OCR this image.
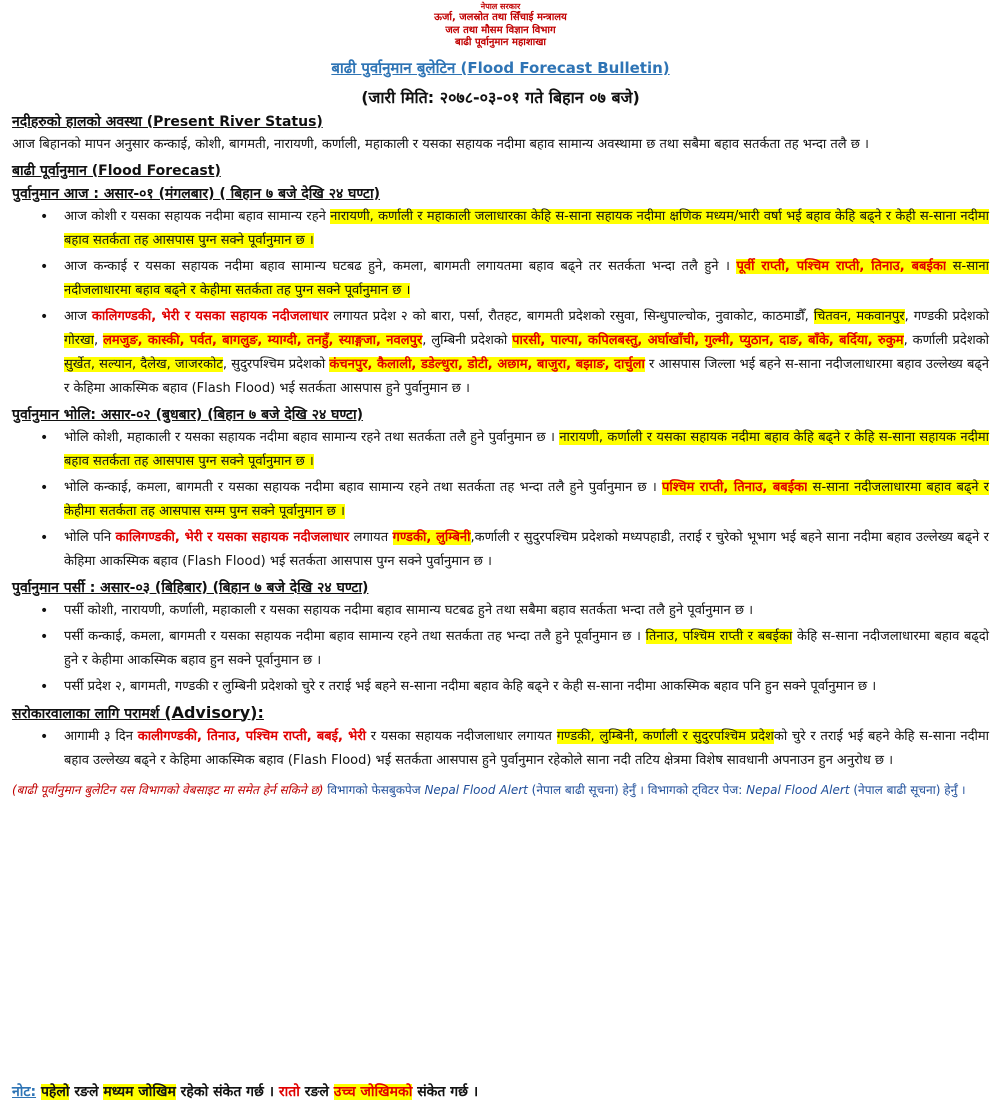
नेपाल सरकार
ऊर्जा, जलस्रोत तथा सिँचाई मन्त्रालय
जल तथा मौसम विज्ञान विभाग
बाढी पूर्वानुमान महाशाखा
बाढी पुर्वानुमान बुलेटिन (Flood Forecast Bulletin)
(जारी मिति: २०७८-०३-०१ गते बिहान ०७ बजे)
नदीहरुको हालको अवस्था (Present River Status)

आज बिहानको मापन अनुसार कन्काई, कोशी, बागमती, नारायणी, कर्णाली, महाकाली र यसका सहायक नदीमा बहाव सामान्य अवस्थामा छ तथा सबैमा बहाव सतर्कता तह भन्दा तलै छ ।

बाढी पूर्वानुमान (Flood Forecast)
पुर्वानुमान आज : असार-०१ (मंगलबार) ( बिहान ७ बजे देखि २४ घण्टा)
• आज कोशी र यसका सहायक नदीमा बहाव सामान्य रहने नारायणी, कर्णाली र महाकाली जलाधारका केहि स-साना सहायक नदीमा क्षणिक मध्यम/भारी वर्षा भई बहाव केहि बढ्ने र केही स-साना नदीमा बहाव सतर्कता तह आसपास पुग्न सक्ने पूर्वानुमान छ ।
• आज कन्काई र यसका सहायक नदीमा बहाव सामान्य घटबढ हुने, कमला, बागमती लगायतमा बहाव बढ्ने तर सतर्कता भन्दा तलै हुने । पूर्वी राप्ती, पश्चिम राप्ती, तिनाउ, बबईका स-साना नदीजलाधारमा बहाव बढ्ने र केहीमा सतर्कता तह पुग्न सक्ने पूर्वानुमान छ ।
• आज कालिगण्डकी, भेरी र यसका सहायक नदीजलाधार लगायत प्रदेश २ को बारा, पर्सा, रौतहट, बागमती प्रदेशको रसुवा, सिन्धुपाल्चोक, नुवाकोट, काठमाडौँ, चितवन, मकवानपुर, गण्डकी प्रदेशको गोरखा, लमजुङ, कास्की, पर्वत, बागलुङ, म्याग्दी, तनहुँ, स्याङ्गजा, नवलपुर, लुम्बिनी प्रदेशको पारसी, पाल्पा, कपिलबस्तु, अर्घाखाँची, गुल्मी, प्युठान, दाङ, बाँके, बर्दिया, रुकुम, कर्णाली प्रदेशको सुर्खेत, सल्यान, दैलेख, जाजरकोट, सुदुरपश्चिम प्रदेशको कंचनपुर, कैलाली, डडेल्धुरा, डोटी, अछाम, बाजुरा, बझाङ, दार्चुला र आसपास जिल्ला भई बहने स-साना नदीजलाधारमा बहाव उल्लेख्य बढ्ने र केहिमा आकस्मिक बहाव (Flash Flood) भई सतर्कता आसपास हुने पुर्वानुमान छ ।
पुर्वानुमान भोलि: असार-०२ (बुधबार) (बिहान ७ बजे देखि २४ घण्टा)
• भोलि कोशी, महाकाली र यसका सहायक नदीमा बहाव सामान्य रहने तथा सतर्कता तलै हुने पुर्वानुमान छ । नारायणी, कर्णाली र यसका सहायक नदीमा बहाव केहि बढ्ने र केहि स-साना सहायक नदीमा बहाव सतर्कता तह आसपास पुग्न सक्ने पूर्वानुमान छ ।
• भोलि कन्काई, कमला, बागमती र यसका सहायक नदीमा बहाव सामान्य रहने तथा सतर्कता तह भन्दा तलै हुने पुर्वानुमान छ । पश्चिम राप्ती, तिनाउ, बबईका स-साना नदीजलाधारमा बहाव बढ्ने र केहीमा सतर्कता तह आसपास सम्म पुग्न सक्ने पूर्वानुमान छ ।
• भोलि पनि कालिगण्डकी, भेरी र यसका सहायक नदीजलाधार लगायत गण्डकी, लुम्बिनी,कर्णाली र सुदुरपश्चिम प्रदेशको मध्यपहाडी, तराई र चुरेको भूभाग भई बहने साना नदीमा बहाव उल्लेख्य बढ्ने र केहिमा आकस्मिक बहाव (Flash Flood) भई सतर्कता आसपास पुग्न सक्ने पुर्वानुमान छ ।
पुर्वानुमान पर्सी : असार-०३ (बिहिबार) (बिहान ७ बजे देखि २४ घण्टा)
• पर्सी कोशी, नारायणी, कर्णाली, महाकाली र यसका सहायक नदीमा बहाव सामान्य घटबढ हुने तथा सबैमा बहाव सतर्कता भन्दा तलै हुने पूर्वानुमान छ ।
• पर्सी कन्काई, कमला, बागमती र यसका सहायक नदीमा बहाव सामान्य रहने तथा सतर्कता तह भन्दा तलै हुने पूर्वानुमान छ । तिनाउ, पश्चिम राप्ती र बबईका केहि स-साना नदीजलाधारमा बहाव बढ्दो हुने र केहीमा आकस्मिक बहाव हुन सक्ने पूर्वानुमान छ ।
• पर्सी प्रदेश २, बागमती, गण्डकी र लुम्बिनी प्रदेशको चुरे र तराई भई बहने स-साना नदीमा बहाव केहि बढ्ने र केही स-साना नदीमा आकस्मिक बहाव पनि हुन सक्ने पूर्वानुमान छ ।
सरोकारवालाका लागि परामर्श (Advisory):
• आगामी ३ दिन कालीगण्डकी, तिनाउ, पश्चिम राप्ती, बबई, भेरी र यसका सहायक नदीजलाधार लगायत गण्डकी, लुम्बिनी, कर्णाली र सुदुरपश्चिम प्रदेशको चुरे र तराई भई बहने केहि स-साना नदीमा बहाव उल्लेख्य बढ्ने र केहिमा आकस्मिक बहाव (Flash Flood) भई सतर्कता आसपास हुने पुर्वानुमान रहेकोले साना नदी तटिय क्षेत्रमा विशेष सावधानी अपनाउन हुन अनुरोध छ ।
(बाढी पूर्वानुमान बुलेटिन यस विभागको वेबसाइट मा समेत हेर्न सकिने छ) विभागको फेसबुकपेज Nepal Flood Alert (नेपाल बाढी सूचना) हेर्नुँ । विभागको ट्विटर पेज: Nepal Flood Alert (नेपाल बाढी सूचना) हेर्नुँ ।
नोट: पहेलो रङले मध्यम जोखिम रहेको संकेत गर्छ । रातो रङले उच्च जोखिमको संकेत गर्छ ।
